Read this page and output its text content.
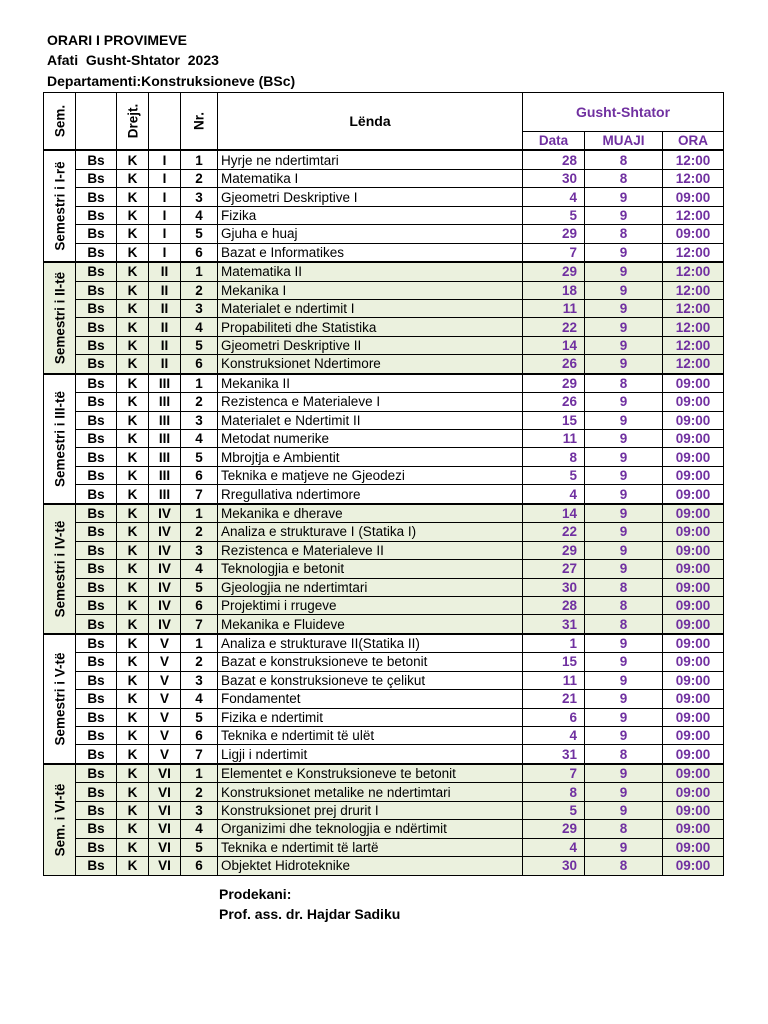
ORARI I PROVIMEVE
Afati  Gusht-Shtator  2023
Departamenti:Konstruksioneve (BSc)
Sem.		Drejt.		Nr.	Lënda	Gusht-Shtator		
						Data	MUAJI	ORA

Semestri i I-rë	Bs	K	I	1	Hyrje ne ndertimtari	28	8	12:00
	Bs	K	I	2	Matematika I	30	8	12:00
	Bs	K	I	3	Gjeometri Deskriptive I	4	9	09:00
	Bs	K	I	4	Fizika	5	9	12:00
	Bs	K	I	5	Gjuha e huaj	29	8	09:00
	Bs	K	I	6	Bazat e Informatikes	7	9	12:00

Semestri i II-të	Bs	K	II	1	Matematika II	29	9	12:00
	Bs	K	II	2	Mekanika I	18	9	12:00
	Bs	K	II	3	Materialet e ndertimit I	11	9	12:00
	Bs	K	II	4	Propabiliteti dhe Statistika	22	9	12:00
	Bs	K	II	5	Gjeometri Deskriptive II	14	9	12:00
	Bs	K	II	6	Konstruksionet Ndertimore	26	9	12:00

Semestri i III-të	Bs	K	III	1	Mekanika II	29	8	09:00
	Bs	K	III	2	Rezistenca e Materialeve I	26	9	09:00
	Bs	K	III	3	Materialet e Ndertimit II	15	9	09:00
	Bs	K	III	4	Metodat numerike	11	9	09:00
	Bs	K	III	5	Mbrojtja e Ambientit	8	9	09:00
	Bs	K	III	6	Teknika e matjeve ne Gjeodezi	5	9	09:00
	Bs	K	III	7	Rregullativa ndertimore	4	9	09:00

Semestri i IV-të	Bs	K	IV	1	Mekanika e dherave	14	9	09:00
	Bs	K	IV	2	Analiza e strukturave I (Statika I)	22	9	09:00
	Bs	K	IV	3	Rezistenca e Materialeve II	29	9	09:00
	Bs	K	IV	4	Teknologjia e betonit	27	9	09:00
	Bs	K	IV	5	Gjeologjia ne ndertimtari	30	8	09:00
	Bs	K	IV	6	Projektimi i rrugeve	28	8	09:00
	Bs	K	IV	7	Mekanika e Fluideve	31	8	09:00

Semestri i V-të	Bs	K	V	1	Analiza e strukturave II(Statika II)	1	9	09:00
	Bs	K	V	2	Bazat e konstruksioneve te betonit	15	9	09:00
	Bs	K	V	3	Bazat e konstruksioneve te çelikut	11	9	09:00
	Bs	K	V	4	Fondamentet	21	9	09:00
	Bs	K	V	5	Fizika e ndertimit	6	9	09:00
	Bs	K	V	6	Teknika e ndertimit të ulët	4	9	09:00
	Bs	K	V	7	Ligji i ndertimit	31	8	09:00

Sem. i VI-të	Bs	K	VI	1	Elementet e Konstruksioneve te betonit	7	9	09:00
	Bs	K	VI	2	Konstruksionet metalike ne ndertimtari	8	9	09:00
	Bs	K	VI	3	Konstruksionet prej drurit I	5	9	09:00
	Bs	K	VI	4	Organizimi dhe teknologjia e ndërtimit	29	8	09:00
	Bs	K	VI	5	Teknika e ndertimit të lartë	4	9	09:00
	Bs	K	VI	6	Objektet Hidroteknike	30	8	09:00
Prodekani:
Prof. ass. dr. Hajdar Sadiku
